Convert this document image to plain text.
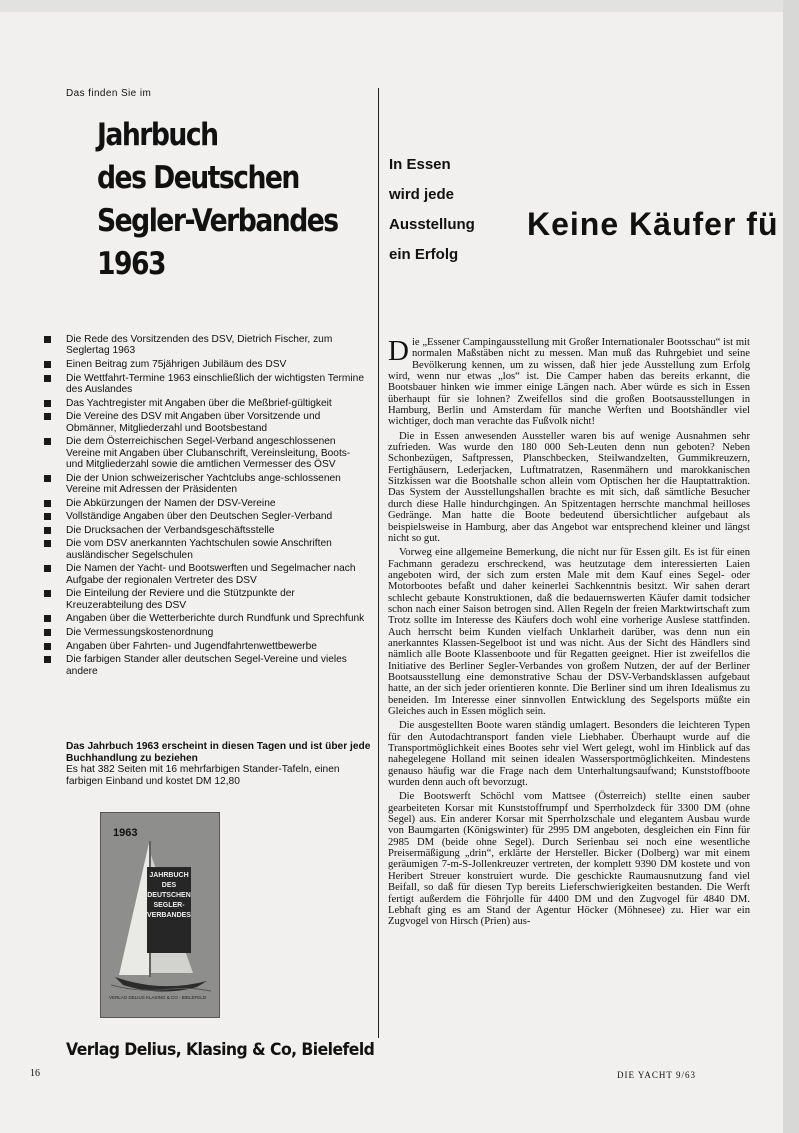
Das finden Sie im
Jahrbuch
des Deutschen
Segler-Verbandes
1963
In Essen
wird jede
Ausstellung
ein Erfolg
Keine Käufer fü
Die Rede des Vorsitzenden des DSV, Dietrich Fischer, zum Seglertag 1963
Einen Beitrag zum 75jährigen Jubiläum des DSV
Die Wettfahrt-Termine 1963 einschließlich der wichtigsten Termine des Auslandes
Das Yachtregister mit Angaben über die Meßbrief-gültigkeit
Die Vereine des DSV mit Angaben über Vorsitzende und Obmänner, Mitgliederzahl und Bootsbestand
Die dem Österreichischen Segel-Verband angeschlossenen Vereine mit Angaben über Clubanschrift, Vereinsleitung, Boots- und Mitgliederzahl sowie die amtlichen Vermesser des ÖSV
Die der Union schweizerischer Yachtclubs ange-schlossenen Vereine mit Adressen der Präsidenten
Die Abkürzungen der Namen der DSV-Vereine
Vollständige Angaben über den Deutschen Segler-Verband
Die Drucksachen der Verbandsgeschäftsstelle
Die vom DSV anerkannten Yachtschulen sowie Anschriften ausländischer Segelschulen
Die Namen der Yacht- und Bootswerften und Segelmacher nach Aufgabe der regionalen Vertreter des DSV
Die Einteilung der Reviere und die Stützpunkte der Kreuzerabteilung des DSV
Angaben über die Wetterberichte durch Rundfunk und Sprechfunk
Die Vermessungskostenordnung
Angaben über Fahrten- und Jugendfahrtenwettbewerbe
Die farbigen Stander aller deutschen Segel-Vereine und vieles andere
Das Jahrbuch 1963 erscheint in diesen Tagen und ist über jede Buchhandlung zu beziehen
Es hat 382 Seiten mit 16 mehrfarbigen Stander-Tafeln, einen farbigen Einband und kostet DM 12,80
1963
JAHRBUCH
DES
DEUTSCHEN
SEGLER-
VERBANDES
VERLAG DELIUS KLASING & CO · BIELEFELD
Verlag Delius, Klasing & Co, Bielefeld

Die „Essener Campingausstellung mit Großer Internationaler Bootsschau“ ist mit normalen Maßstäben nicht zu messen. Man muß das Ruhrgebiet und seine Bevölkerung kennen, um zu wissen, daß hier jede Ausstellung zum Erfolg wird, wenn nur etwas „los“ ist. Die Camper haben das bereits erkannt, die Bootsbauer hinken wie immer einige Längen nach. Aber würde es sich in Essen überhaupt für sie lohnen? Zweifellos sind die großen Bootsausstellungen in Hamburg, Berlin und Amsterdam für manche Werften und Bootshändler viel wichtiger, doch man verachte das Fußvolk nicht!

Die in Essen anwesenden Aussteller waren bis auf wenige Ausnahmen sehr zufrieden. Was wurde den 180 000 Seh-Leuten denn nun geboten? Neben Schonbezügen, Saftpressen, Planschbecken, Steilwandzelten, Gummikreuzern, Fertighäusern, Lederjacken, Luftmatratzen, Rasenmähern und marokkanischen Sitzkissen war die Bootshalle schon allein vom Optischen her die Hauptattraktion. Das System der Ausstellungshallen brachte es mit sich, daß sämtliche Besucher durch diese Halle hindurchgingen. An Spitzentagen herrschte manchmal heilloses Gedränge. Man hatte die Boote bedeutend übersichtlicher aufgebaut als beispielsweise in Hamburg, aber das Angebot war entsprechend kleiner und längst nicht so gut.

Vorweg eine allgemeine Bemerkung, die nicht nur für Essen gilt. Es ist für einen Fachmann geradezu erschreckend, was heutzutage dem interessierten Laien angeboten wird, der sich zum ersten Male mit dem Kauf eines Segel- oder Motorbootes befaßt und daher keinerlei Sachkenntnis besitzt. Wir sahen derart schlecht gebaute Konstruktionen, daß die bedauernswerten Käufer damit todsicher schon nach einer Saison betrogen sind. Allen Regeln der freien Marktwirtschaft zum Trotz sollte im Interesse des Käufers doch wohl eine vorherige Auslese stattfinden. Auch herrscht beim Kunden vielfach Unklarheit darüber, was denn nun ein anerkanntes Klassen-Segelboot ist und was nicht. Aus der Sicht des Händlers sind nämlich alle Boote Klassenboote und für Regatten geeignet. Hier ist zweifellos die Initiative des Berliner Segler-Verbandes von großem Nutzen, der auf der Berliner Bootsausstellung eine demonstrative Schau der DSV-Verbandsklassen aufgebaut hatte, an der sich jeder orientieren konnte. Die Berliner sind um ihren Idealismus zu beneiden. Im Interesse einer sinnvollen Entwicklung des Segelsports müßte ein Gleiches auch in Essen möglich sein.

Die ausgestellten Boote waren ständig umlagert. Besonders die leichteren Typen für den Autodachtransport fanden viele Liebhaber. Überhaupt wurde auf die Transportmöglichkeit eines Bootes sehr viel Wert gelegt, wohl im Hinblick auf das nahegelegene Holland mit seinen idealen Wassersportmöglichkeiten. Mindestens genauso häufig war die Frage nach dem Unterhaltungsaufwand; Kunststoffboote wurden denn auch oft bevorzugt.

Die Bootswerft Schöchl vom Mattsee (Österreich) stellte einen sauber gearbeiteten Korsar mit Kunststoffrumpf und Sperrholzdeck für 3300 DM (ohne Segel) aus. Ein anderer Korsar mit Sperrholzschale und elegantem Ausbau wurde von Baumgarten (Königswinter) für 2995 DM angeboten, desgleichen ein Finn für 2985 DM (beide ohne Segel). Durch Serienbau sei noch eine wesentliche Preisermäßigung „drin“, erklärte der Hersteller. Bicker (Dolberg) war mit einem geräumigen 7-m-S-Jollenkreuzer vertreten, der komplett 9390 DM kostete und von Heribert Streuer konstruiert wurde. Die geschickte Raumausnutzung fand viel Beifall, so daß für diesen Typ bereits Lieferschwierigkeiten bestanden. Die Werft fertigt außerdem die Föhrjolle für 4400 DM und den Zugvogel für 4840 DM. Lebhaft ging es am Stand der Agentur Höcker (Möhnesee) zu. Hier war ein Zugvogel von Hirsch (Prien) aus-

16	DIE YACHT 9/63
